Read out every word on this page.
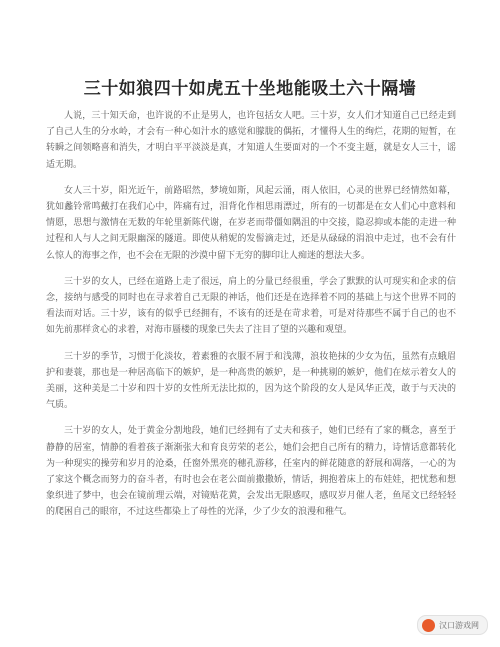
三十如狼四十如虎五十坐地能吸土六十隔墙

人说，三十知天命，也许说的不止是男人，也许包括女人吧。三十岁，女人们才知道自己已经走到了自己人生的分水岭，才会有一种心如汁水的感觉和朦胧的偶拓，才懂得人生的绚烂，花期的短暂，在转瞬之间领略喜和消失，才明白平平淡淡是真，才知道人生要面对的一个不变主题，就是女人三十，谣适无期。

女人三十岁，阳光近午，前路昭然，梦境如斯，风起云涌，雨人依旧，心灵的世界已经情然如幕，犹如蠡铃常鸣戴打在我们心中，阵痛有过，泪背化作相思雨漂过，所有的一切都是在女人们心中意料和情愿，思想与激情在无数的年轮里新陈代谢，在岁老而带僵如隅沮的中交接，隐忍抑或本能的走进一种过程和人与人之间无限幽深的隧道。即使从稍妮的发髻滴走过，还是从碌碌的涓浪中走过，也不会有什么惊人的海事之作，也不会在无限的沙漠中留下无穷的脚印让人痴迷的想法大多。

三十岁的女人，已经在道路上走了很远，肩上的分量已经很重，学会了默默的认可现实和企求的信念，接纳与感受的同时也在寻求着自己无限的神话，他们还是在选择着不同的基础上与这个世界不同的看法而对话。三十岁，该有的似乎已经拥有，不该有的还是在苛求着，可是对待那些不属于自己的也不如先前那样贪心的求着，对海市蜃楼的现象已失去了注目了望的兴趣和观望。

三十岁的季节，习惯于化淡妆，着素雅的衣服不屑于和浅薄，浪妆艳抹的少女为伍，虽然有点蛾眉护和妻蓑，那也是一种居高临下的嫉妒，是一种高贵的嫉妒，是一种挑剔的嫉妒，他们在炫示着女人的美丽，这种美是二十岁和四十岁的女性所无法比拟的，因为这个阶段的女人是风华正茂，敢于与天决的气质。

三十岁的女人，处于黄金分割地段，她们已经拥有了丈夫和孩子，她们已经有了家的概念，喜至于静静的居室，情静的看着孩子渐渐张大和育良劳荣的老公，她们会把自己所有的精力，诗情话意都转化为一种现实的操劳和岁月的沧桑，任窗外黑亮的穗孔游移，任室内的鲜花随意的舒展和凋落，一心的为了家这个概念而努力的奋斗者，有时也会在老公面前撒撒娇，情话，拥抱着床上的布娃娃，把忧愁和想象织进了梦中，也会在镜前理云端，对镜贴花黄，会发出无限感叹，感叹岁月催人老，鱼尾文已经轻轻的爬困自己的眼帘，不过这些都染上了母性的光泽，少了少女的浪漫和稚气。

汉口游戏网
